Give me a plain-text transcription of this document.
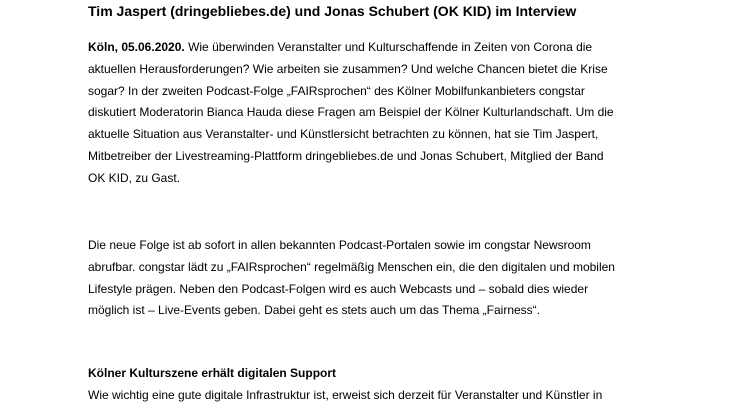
Tim Jaspert (dringebliebes.de) und Jonas Schubert (OK KID) im Interview

Köln, 05.06.2020. Wie überwinden Veranstalter und Kulturschaffende in Zeiten von Corona die
aktuellen Herausforderungen? Wie arbeiten sie zusammen? Und welche Chancen bietet die Krise
sogar? In der zweiten Podcast-Folge „FAIRsprochen“ des Kölner Mobilfunkanbieters congstar
diskutiert Moderatorin Bianca Hauda diese Fragen am Beispiel der Kölner Kulturlandschaft. Um die
aktuelle Situation aus Veranstalter- und Künstlersicht betrachten zu können, hat sie Tim Jaspert,
Mitbetreiber der Livestreaming-Plattform dringebliebes.de und Jonas Schubert, Mitglied der Band
OK KID, zu Gast.

Die neue Folge ist ab sofort in allen bekannten Podcast-Portalen sowie im congstar Newsroom
abrufbar. congstar lädt zu „FAIRsprochen“ regelmäßig Menschen ein, die den digitalen und mobilen
Lifestyle prägen. Neben den Podcast-Folgen wird es auch Webcasts und – sobald dies wieder
möglich ist – Live-Events geben. Dabei geht es stets auch um das Thema „Fairness“.

Kölner Kulturszene erhält digitalen Support

Wie wichtig eine gute digitale Infrastruktur ist, erweist sich derzeit für Veranstalter und Künstler in
